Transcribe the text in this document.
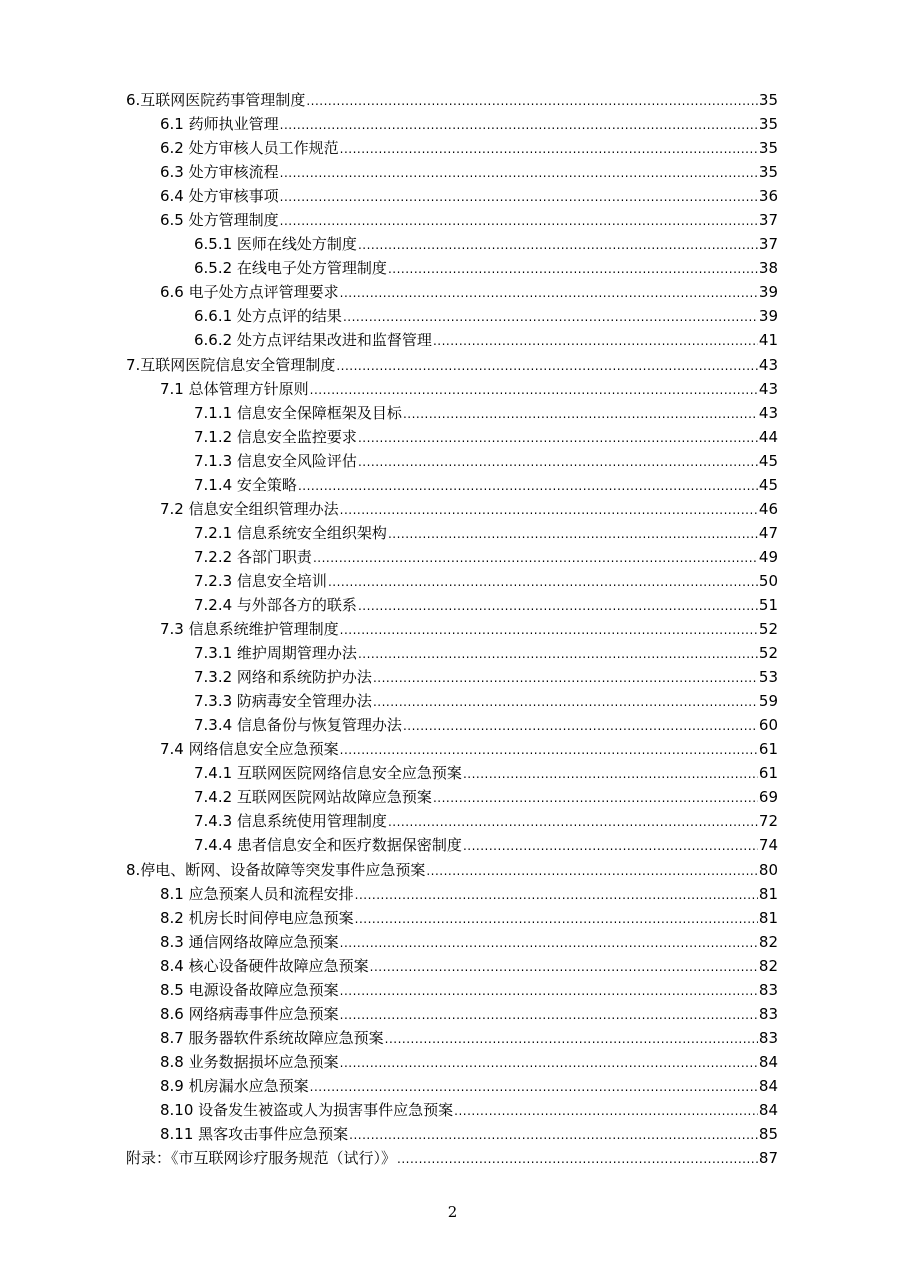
6.互联网医院药事管理制度 .....	35
6.1 药师执业管理 .....	35
6.2 处方审核人员工作规范 .....	35
6.3 处方审核流程 .....	35
6.4 处方审核事项 .....	36
6.5 处方管理制度 .....	37
6.5.1 医师在线处方制度 .....	37
6.5.2 在线电子处方管理制度 .....	38
6.6 电子处方点评管理要求 .....	39
6.6.1 处方点评的结果 .....	39
6.6.2 处方点评结果改进和监督管理 .....	41
7.互联网医院信息安全管理制度 .....	43
7.1 总体管理方针原则 .....	43
7.1.1 信息安全保障框架及目标 .....	43
7.1.2 信息安全监控要求 .....	44
7.1.3 信息安全风险评估 .....	45
7.1.4 安全策略 .....	45
7.2 信息安全组织管理办法 .....	46
7.2.1 信息系统安全组织架构 .....	47
7.2.2 各部门职责 .....	49
7.2.3 信息安全培训 .....	50
7.2.4 与外部各方的联系 .....	51
7.3 信息系统维护管理制度 .....	52
7.3.1 维护周期管理办法 .....	52
7.3.2 网络和系统防护办法 .....	53
7.3.3 防病毒安全管理办法 .....	59
7.3.4 信息备份与恢复管理办法 .....	60
7.4 网络信息安全应急预案 .....	61
7.4.1 互联网医院网络信息安全应急预案 .....	61
7.4.2 互联网医院网站故障应急预案 .....	69
7.4.3 信息系统使用管理制度 .....	72
7.4.4 患者信息安全和医疗数据保密制度 .....	74
8.停电、断网、设备故障等突发事件应急预案 .....	80
8.1 应急预案人员和流程安排 .....	81
8.2 机房长时间停电应急预案 .....	81
8.3 通信网络故障应急预案 .....	82
8.4 核心设备硬件故障应急预案 .....	82
8.5 电源设备故障应急预案 .....	83
8.6 网络病毒事件应急预案 .....	83
8.7 服务器软件系统故障应急预案 .....	83
8.8 业务数据损坏应急预案 .....	84
8.9 机房漏水应急预案 .....	84
8.10 设备发生被盗或人为损害事件应急预案 .....	84
8.11 黑客攻击事件应急预案 .....	85
附录：《市互联网诊疗服务规范（试行）》 .....	87
2
